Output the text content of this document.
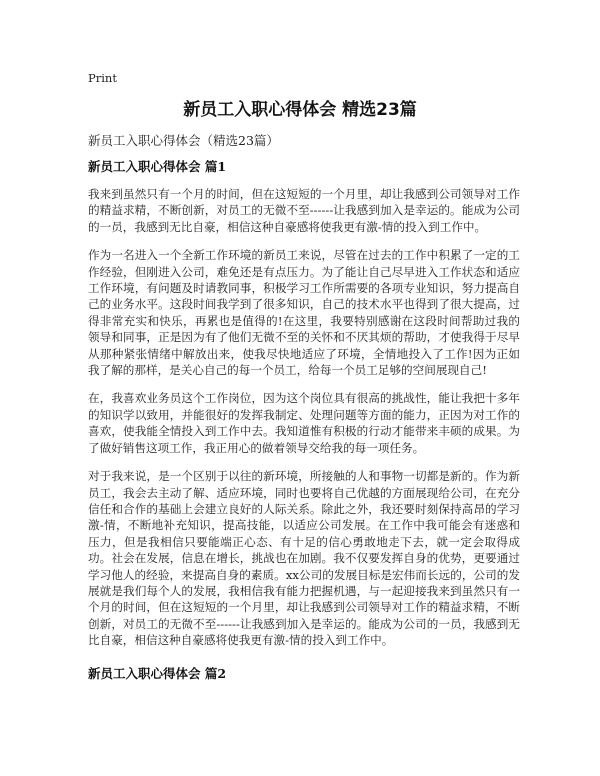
Print
新员工入职心得体会 精选23篇
新员工入职心得体会（精选23篇）
新员工入职心得体会 篇1

我来到虽然只有一个月的时间，但在这短短的一个月里，却让我感到公司领导对工作的精益求精，不断创新，对员工的无微不至------让我感到加入是幸运的。能成为公司的一员，我感到无比自豪，相信这种自豪感将使我更有激-情的投入到工作中。

作为一名进入一个全新工作环境的新员工来说，尽管在过去的工作中积累了一定的工作经验，但刚进入公司，难免还是有点压力。为了能让自己尽早进入工作状态和适应工作环境，有问题及时请教同事，积极学习工作所需要的各项专业知识，努力提高自己的业务水平。这段时间我学到了很多知识，自己的技术水平也得到了很大提高，过得非常充实和快乐，再累也是值得的!在这里，我要特别感谢在这段时间帮助过我的领导和同事，正是因为有了他们无微不至的关怀和不厌其烦的帮助，才使我得于尽早从那种紧张情绪中解放出来，使我尽快地适应了环境，全情地投入了工作!因为正如我了解的那样，是关心自己的每一个员工，给每一个员工足够的空间展现自己!

在，我喜欢业务员这个工作岗位，因为这个岗位具有很高的挑战性，能让我把十多年的知识学以致用，并能很好的发挥我制定、处理问题等方面的能力，正因为对工作的喜欢，使我能全情投入到工作中去。我知道惟有积极的行动才能带来丰硕的成果。为了做好销售这项工作，我正用心的做着领导交给我的每一项任务。

对于我来说，是一个区别于以往的新环境，所接触的人和事物一切都是新的。作为新员工，我会去主动了解、适应环境，同时也要将自己优越的方面展现给公司，在充分信任和合作的基础上会建立良好的人际关系。除此之外，我还要时刻保持高昂的学习激-情，不断地补充知识，提高技能，以适应公司发展。在工作中我可能会有迷惑和压力，但是我相信只要能端正心态、有十足的信心勇敢地走下去，就一定会取得成功。社会在发展，信息在增长，挑战也在加剧。我不仅要发挥自身的优势，更要通过学习他人的经验，来提高自身的素质。xx公司的发展目标是宏伟而长远的，公司的发展就是我们每个人的发展，我相信我有能力把握机遇，与一起迎接我来到虽然只有一个月的时间，但在这短短的一个月里，却让我感到公司领导对工作的精益求精，不断创新，对员工的无微不至------让我感到加入是幸运的。能成为公司的一员，我感到无比自豪，相信这种自豪感将使我更有激-情的投入到工作中。

新员工入职心得体会 篇2
